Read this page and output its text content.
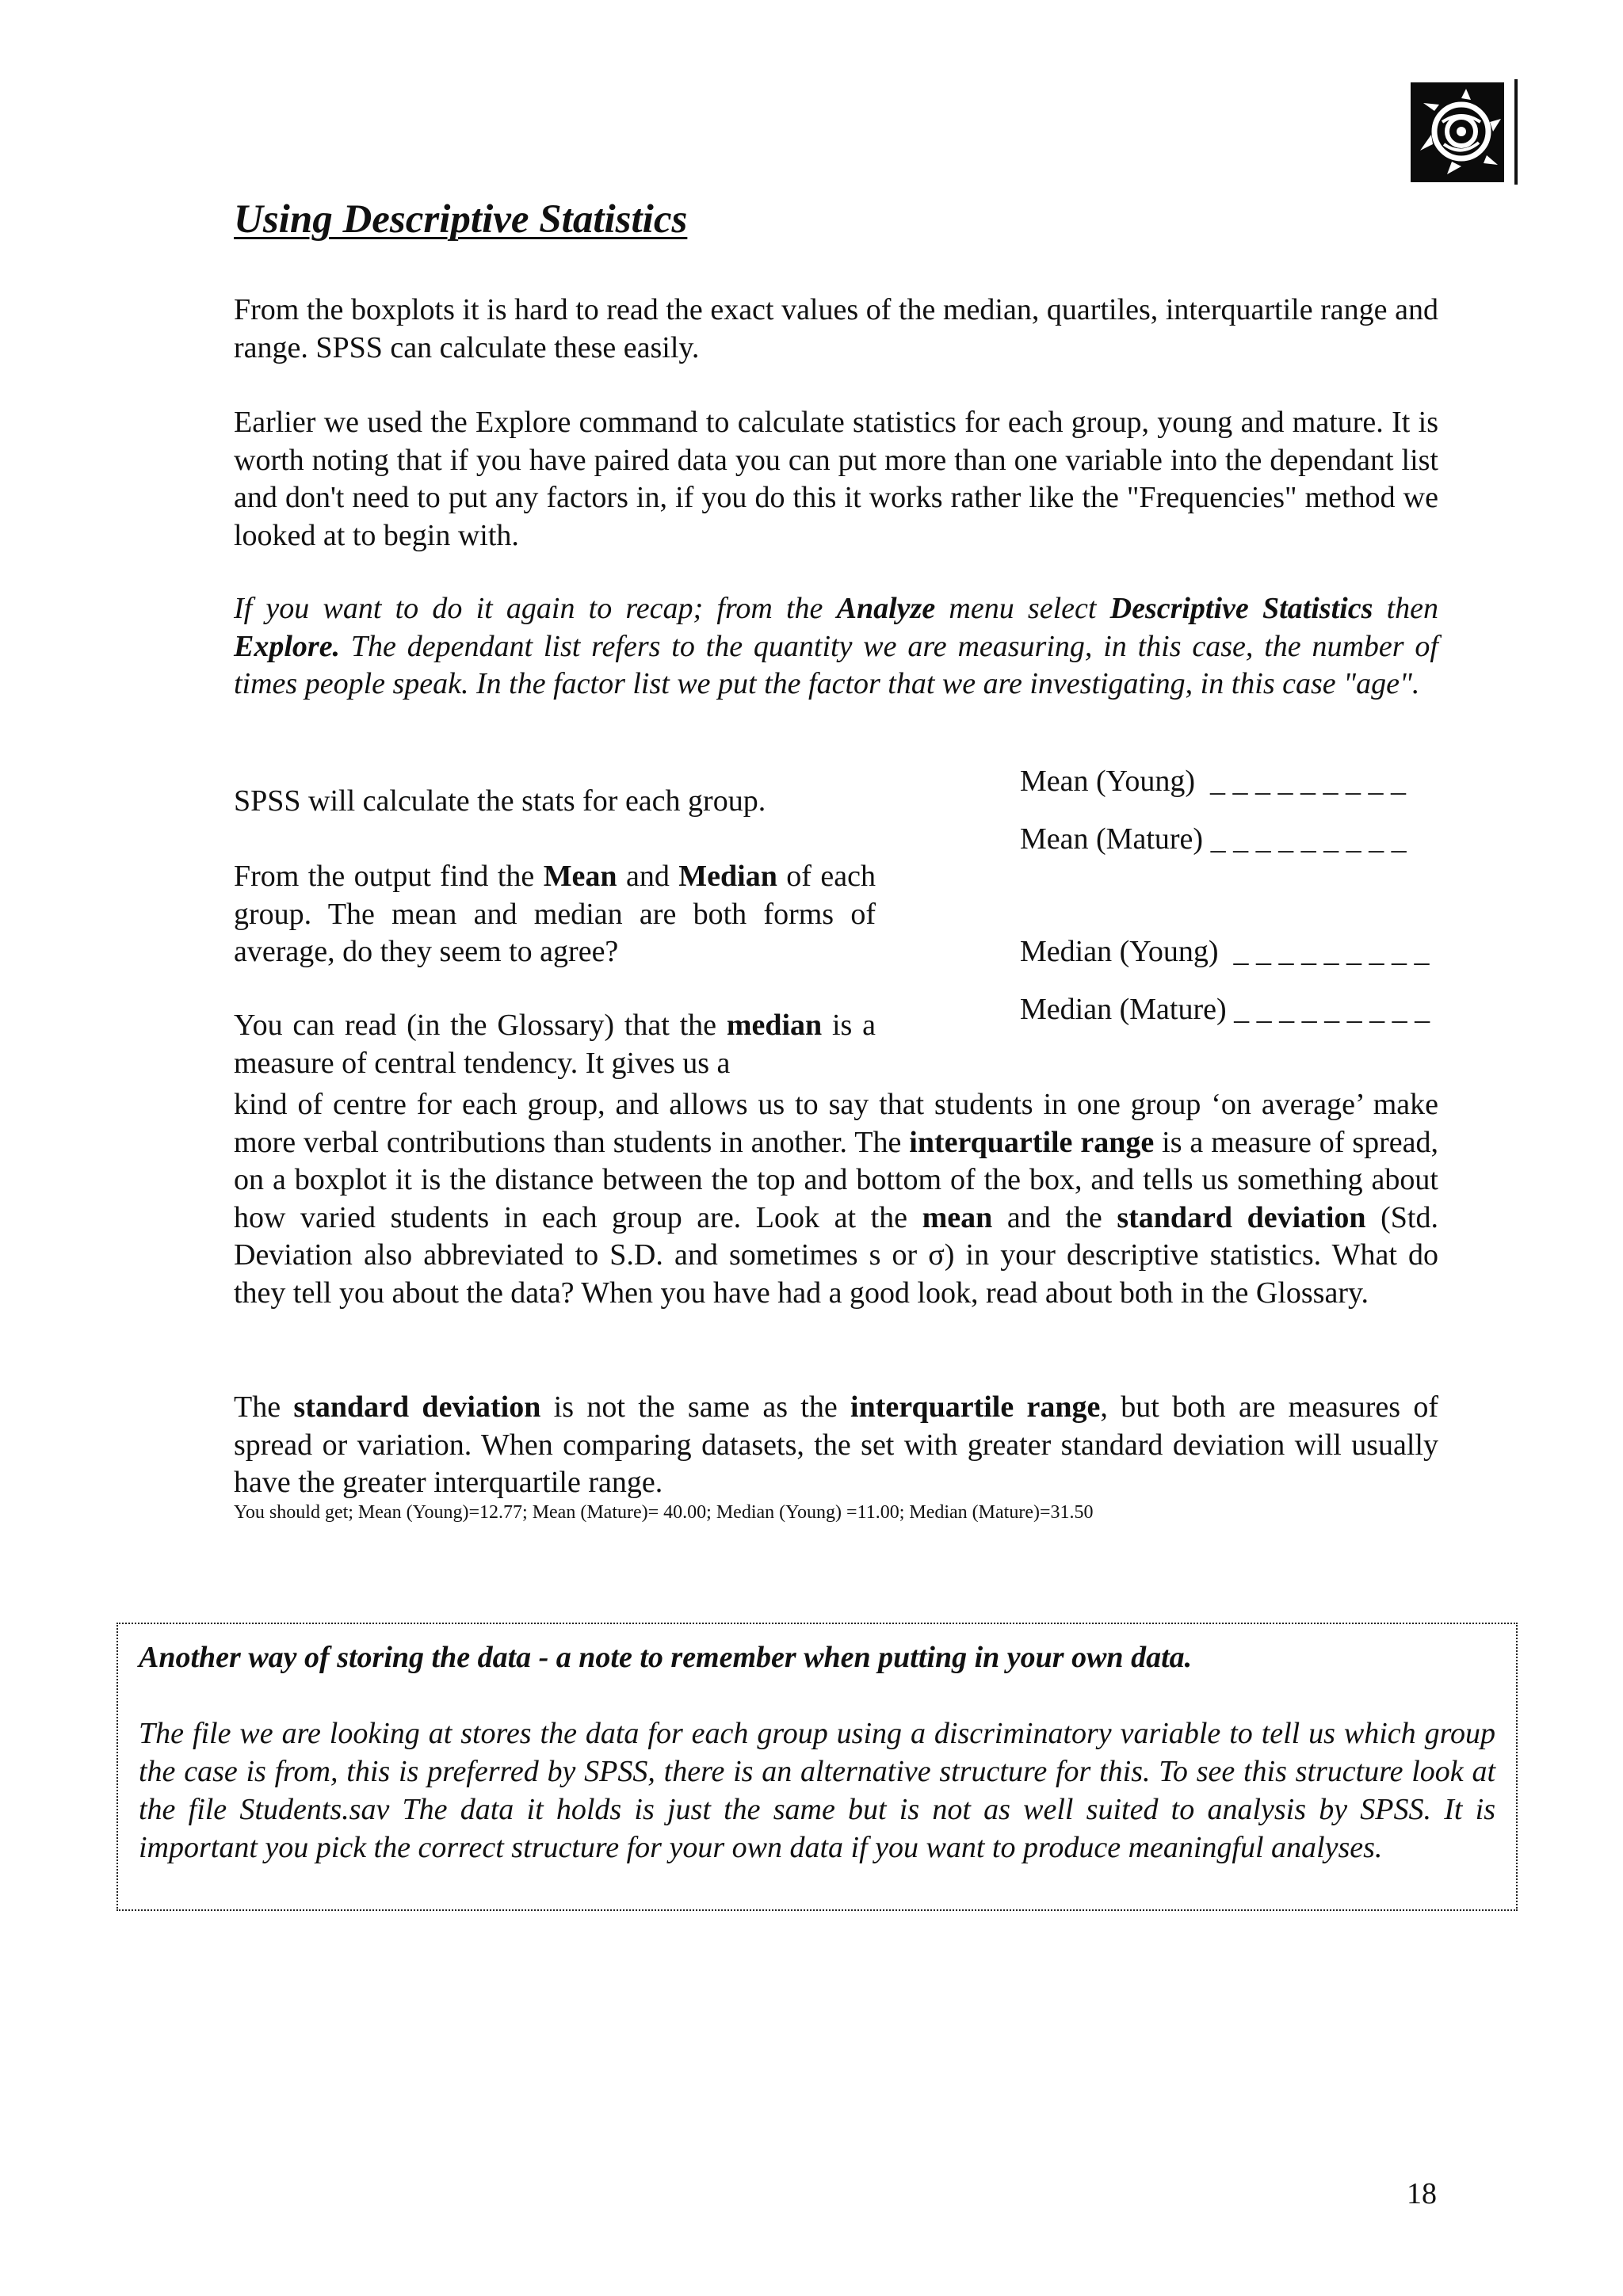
Using Descriptive Statistics

From the boxplots it is hard to read the exact values of the median, quartiles, interquartile range and range. SPSS can calculate these easily.

Earlier we used the Explore command to calculate statistics for each group, young and mature. It is worth noting that if you have paired data you can put more than one variable into the dependant list and don't need to put any factors in, if you do this it works rather like the "Frequencies" method we looked at to begin with.

If you want to do it again to recap; from the Analyze menu select Descriptive Statistics then Explore. The dependant list refers to the quantity we are measuring, in this case, the number of times people speak. In the factor list we put the factor that we are investigating, in this case "age".

SPSS will calculate the stats for each group.

From the output find the Mean and Median of each group. The mean and median are both forms of average, do they seem to agree?

You can read (in the Glossary) that the median is a measure of central tendency. It gives us a

kind of centre for each group, and allows us to say that students in one group ‘on average’ make more verbal contributions than students in another. The interquartile range is a measure of spread, on a boxplot it is the distance between the top and bottom of the box, and tells us something about how varied students in each group are. Look at the mean and the standard deviation (Std. Deviation also abbreviated to S.D. and sometimes s or σ) in your descriptive statistics. What do they tell you about the data? When you have had a good look, read about both in the Glossary.

The standard deviation is not the same as the interquartile range, but both are measures of spread or variation. When comparing datasets, the set with greater standard deviation will usually have the greater interquartile range.

You should get; Mean (Young)=12.77; Mean (Mature)= 40.00; Median (Young) =11.00; Median (Mature)=31.50
Mean (Young) _ _ _ _ _ _ _ _ _
Mean (Mature) _ _ _ _ _ _ _ _ _
Median (Young) _ _ _ _ _ _ _ _ _
Median (Mature) _ _ _ _ _ _ _ _ _

Another way of storing the data - a note to remember when putting in your own data.

The file we are looking at stores the data for each group using a discriminatory variable to tell us which group the case is from, this is preferred by SPSS, there is an alternative structure for this. To see this structure look at the file Students.sav The data it holds is just the same but is not as well suited to analysis by SPSS. It is important you pick the correct structure for your own data if you want to produce meaningful analyses.

18
